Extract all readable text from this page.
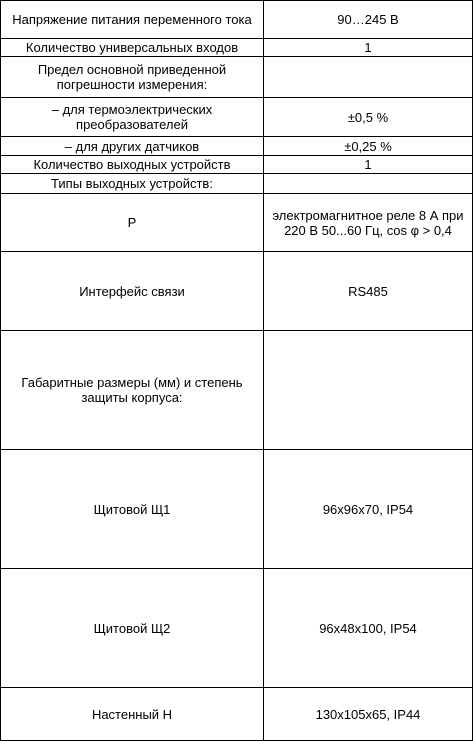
Напряжение питания переменного тока	90…245 В
Количество универсальных входов	1
Предел основной приведенной погрешности измерения:	
– для термоэлектрических преобразователей	±0,5 %
– для других датчиков	±0,25 %
Количество выходных устройств	1
Типы выходных устройств:	
Р	электромагнитное реле 8 А при 220 В 50...60 Гц, cos φ > 0,4
Интерфейс связи	RS485
Габаритные размеры (мм) и степень защиты корпуса:	
Щитовой Щ1	96х96х70, IP54
Щитовой Щ2	96х48х100, IP54
Настенный Н	130х105х65, IP44
